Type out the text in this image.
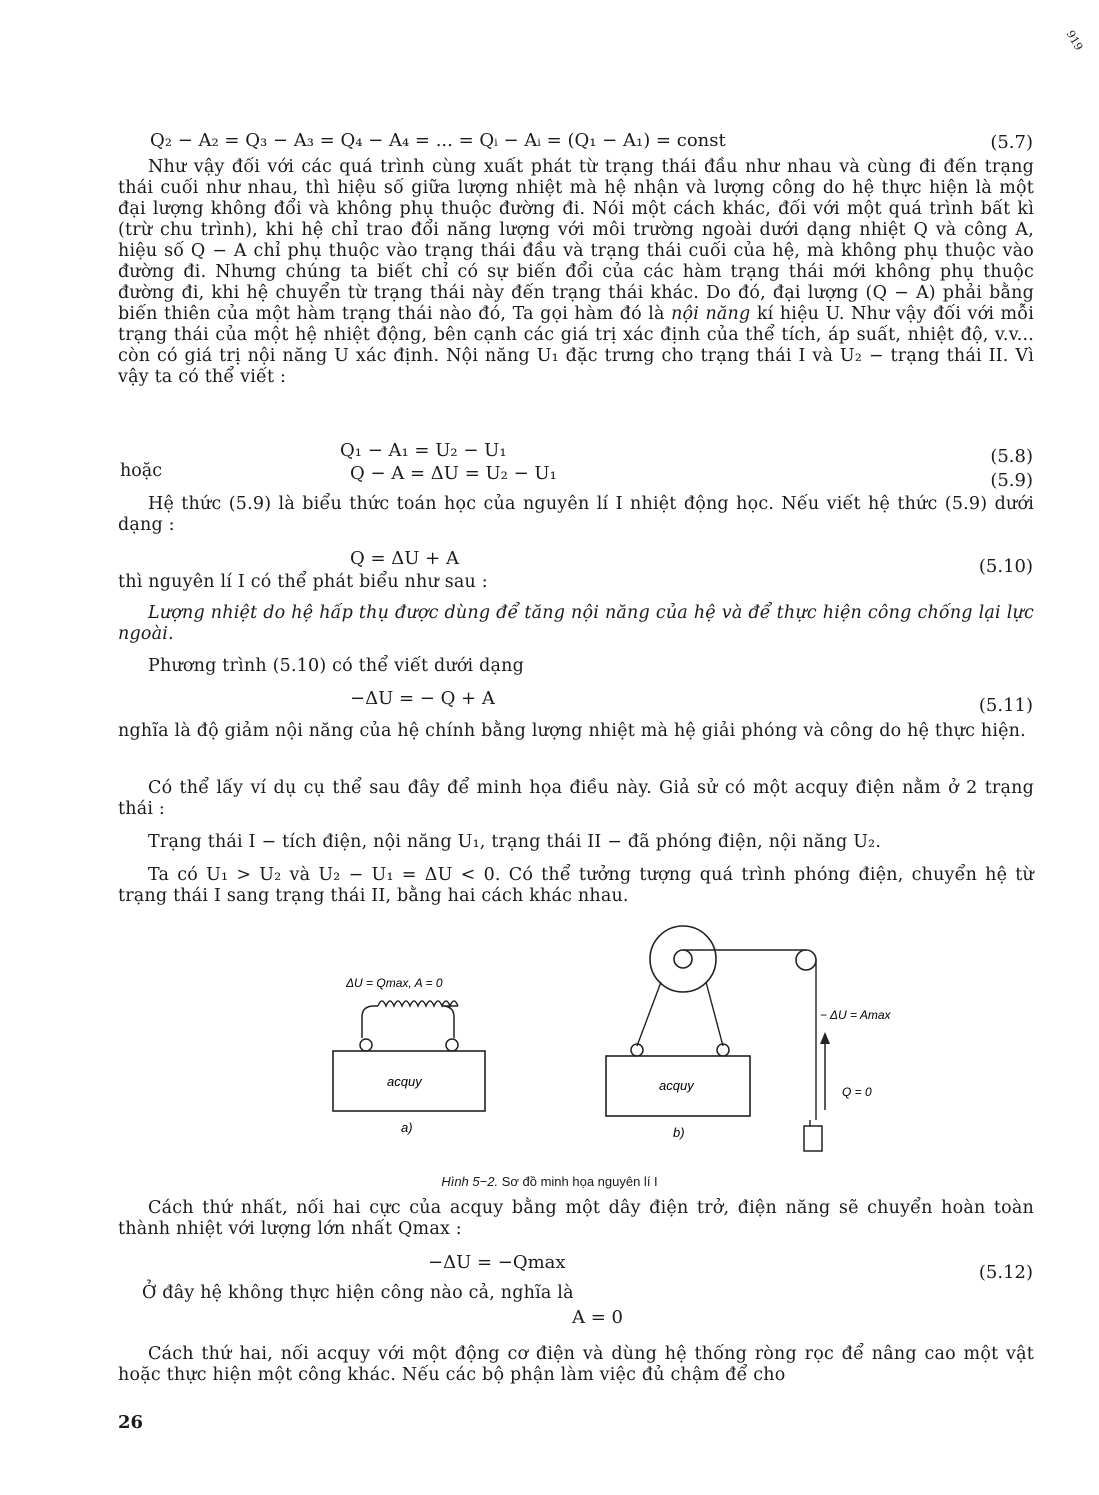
919
Q₂ − A₂ = Q₃ − A₃ = Q₄ − A₄ = ... = Qᵢ − Aᵢ = (Q₁ − A₁) = const	(5.7)
Như vậy đối với các quá trình cùng xuất phát từ trạng thái đầu như nhau và cùng đi đến trạng thái cuối như nhau, thì hiệu số giữa lượng nhiệt mà hệ nhận và lượng công do hệ thực hiện là một đại lượng không đổi và không phụ thuộc đường đi. Nói một cách khác, đối với một quá trình bất kì (trừ chu trình), khi hệ chỉ trao đổi năng lượng với môi trường ngoài dưới dạng nhiệt Q và công A, hiệu số Q − A chỉ phụ thuộc vào trạng thái đầu và trạng thái cuối của hệ, mà không phụ thuộc vào đường đi. Nhưng chúng ta biết chỉ có sự biến đổi của các hàm trạng thái mới không phụ thuộc đường đi, khi hệ chuyển từ trạng thái này đến trạng thái khác. Do đó, đại lượng (Q − A) phải bằng biến thiên của một hàm trạng thái nào đó, Ta gọi hàm đó là nội năng kí hiệu U. Như vậy đối với mỗi trạng thái của một hệ nhiệt động, bên cạnh các giá trị xác định của thể tích, áp suất, nhiệt độ, v.v... còn có giá trị nội năng U xác định. Nội năng U₁ đặc trưng cho trạng thái I và U₂ − trạng thái II. Vì vậy ta có thể viết :
Q₁ − A₁ = U₂ − U₁	(5.8)
hoặc	Q − A = ΔU = U₂ − U₁	(5.9)
Hệ thức (5.9) là biểu thức toán học của nguyên lí I nhiệt động học. Nếu viết hệ thức (5.9) dưới dạng :
Q = ΔU + A	(5.10)
thì nguyên lí I có thể phát biểu như sau :
Lượng nhiệt do hệ hấp thụ được dùng để tăng nội năng của hệ và để thực hiện công chống lại lực ngoài.
Phương trình (5.10) có thể viết dưới dạng
−ΔU = − Q + A	(5.11)
nghĩa là độ giảm nội năng của hệ chính bằng lượng nhiệt mà hệ giải phóng và công do hệ thực hiện.
Có thể lấy ví dụ cụ thể sau đây để minh họa điều này. Giả sử có một acquy điện nằm ở 2 trạng thái :
Trạng thái I − tích điện, nội năng U₁, trạng thái II − đã phóng điện, nội năng U₂.
Ta có U₁ > U₂ và U₂ − U₁ = ΔU < 0. Có thể tưởng tượng quá trình phóng điện, chuyển hệ từ trạng thái I sang trạng thái II, bằng hai cách khác nhau.
ΔU = Qmax, A = 0
acquy
a)
acquy
b)
− ΔU = Amax
Q = 0
Hình 5−2. Sơ đồ minh họa nguyên lí I
Cách thứ nhất, nối hai cực của acquy bằng một dây điện trở, điện năng sẽ chuyển hoàn toàn thành nhiệt với lượng lớn nhất Qmax :
−ΔU = −Qmax	(5.12)
Ở đây hệ không thực hiện công nào cả, nghĩa là
A = 0
Cách thứ hai, nối acquy với một động cơ điện và dùng hệ thống ròng rọc để nâng cao một vật hoặc thực hiện một công khác. Nếu các bộ phận làm việc đủ chậm để cho
26
